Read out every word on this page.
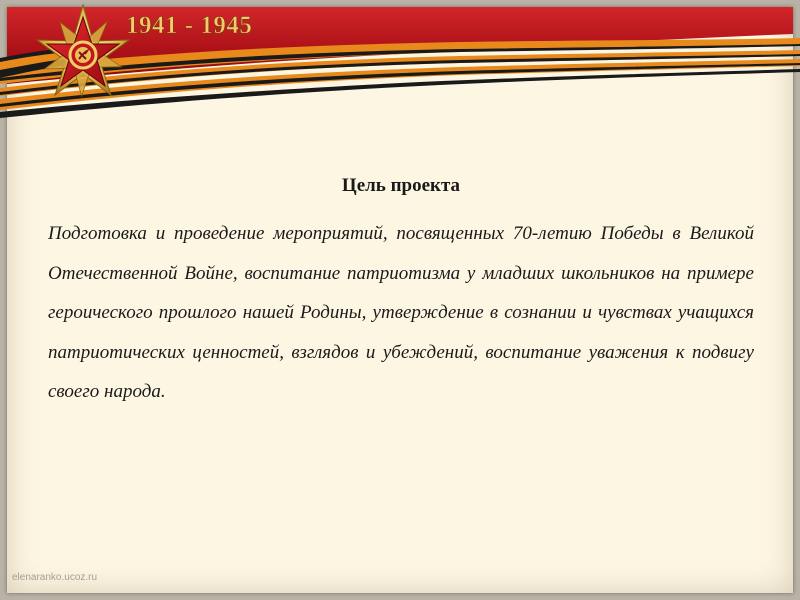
1941 - 1945

Цель проекта

Подготовка и проведение мероприятий, посвященных 70-летию Победы в Великой Отечественной Войне, воспитание патриотизма у младших школьников на примере героического прошлого нашей Родины, утверждение в сознании и чувствах учащихся патриотических ценностей, взглядов и убеждений, воспитание уважения к подвигу своего народа.

elenaranko.ucoz.ru
